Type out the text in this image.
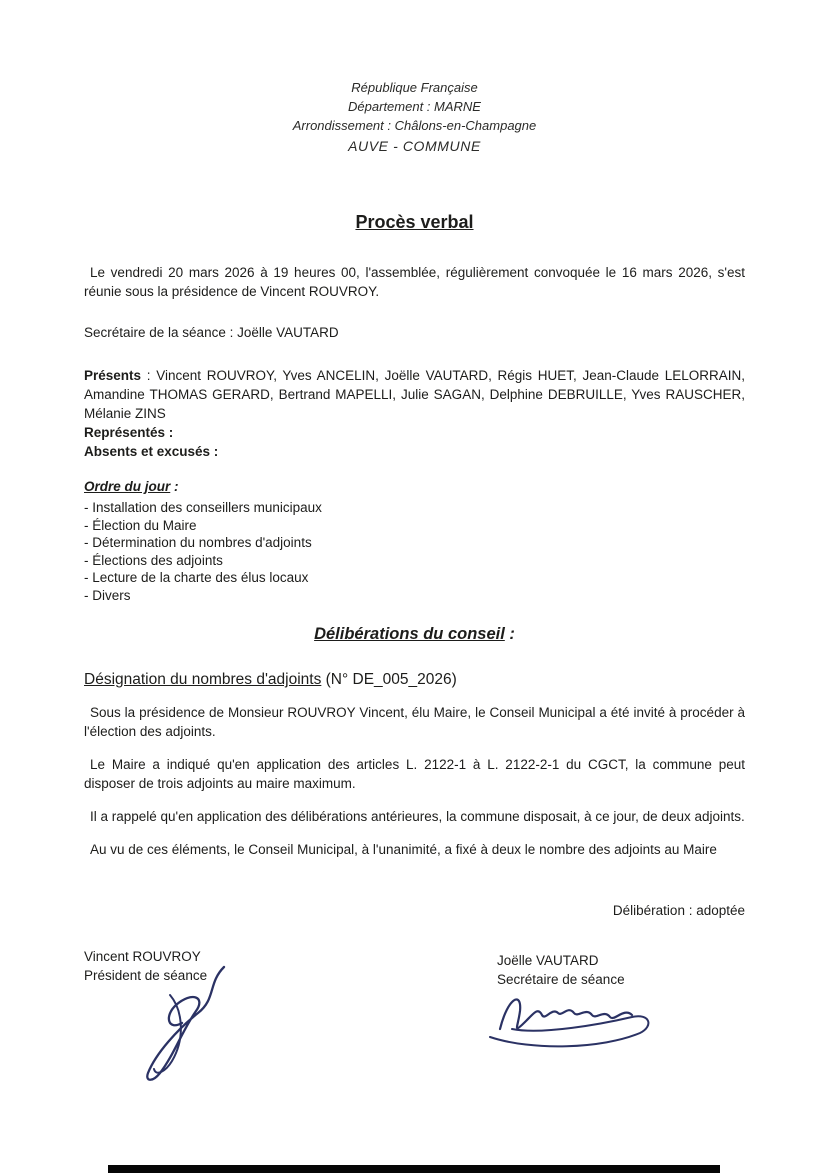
République Française
Département : MARNE
Arrondissement : Châlons-en-Champagne
AUVE - COMMUNE
Procès verbal

Le vendredi 20 mars 2026 à 19 heures 00, l'assemblée, régulièrement convoquée le 16 mars 2026, s'est réunie sous la présidence de Vincent ROUVROY.

Secrétaire de la séance : Joëlle VAUTARD

Présents : Vincent ROUVROY, Yves ANCELIN, Joëlle VAUTARD, Régis HUET, Jean-Claude LELORRAIN, Amandine THOMAS GERARD, Bertrand MAPELLI, Julie SAGAN, Delphine DEBRUILLE, Yves RAUSCHER, Mélanie ZINS

Représentés :

Absents et excusés :

Ordre du jour :

- Installation des conseillers municipaux
- Élection du Maire
- Détermination du nombres d'adjoints
- Élections des adjoints
- Lecture de la charte des élus locaux
- Divers
Délibérations du conseil :
Désignation du nombres d'adjoints (N° DE_005_2026)

Sous la présidence de Monsieur ROUVROY Vincent, élu Maire, le Conseil Municipal a été invité à procéder à l'élection des adjoints.

Le Maire a indiqué qu'en application des articles L. 2122-1 à L. 2122-2-1 du CGCT, la commune peut disposer de trois adjoints au maire maximum.

Il a rappelé qu'en application des délibérations antérieures, la commune disposait, à ce jour, de deux adjoints.

Au vu de ces éléments, le Conseil Municipal, à l'unanimité, a fixé à deux le nombre des adjoints au Maire

Délibération : adoptée

Vincent ROUVROY

Président de séance

Joëlle VAUTARD

Secrétaire de séance
